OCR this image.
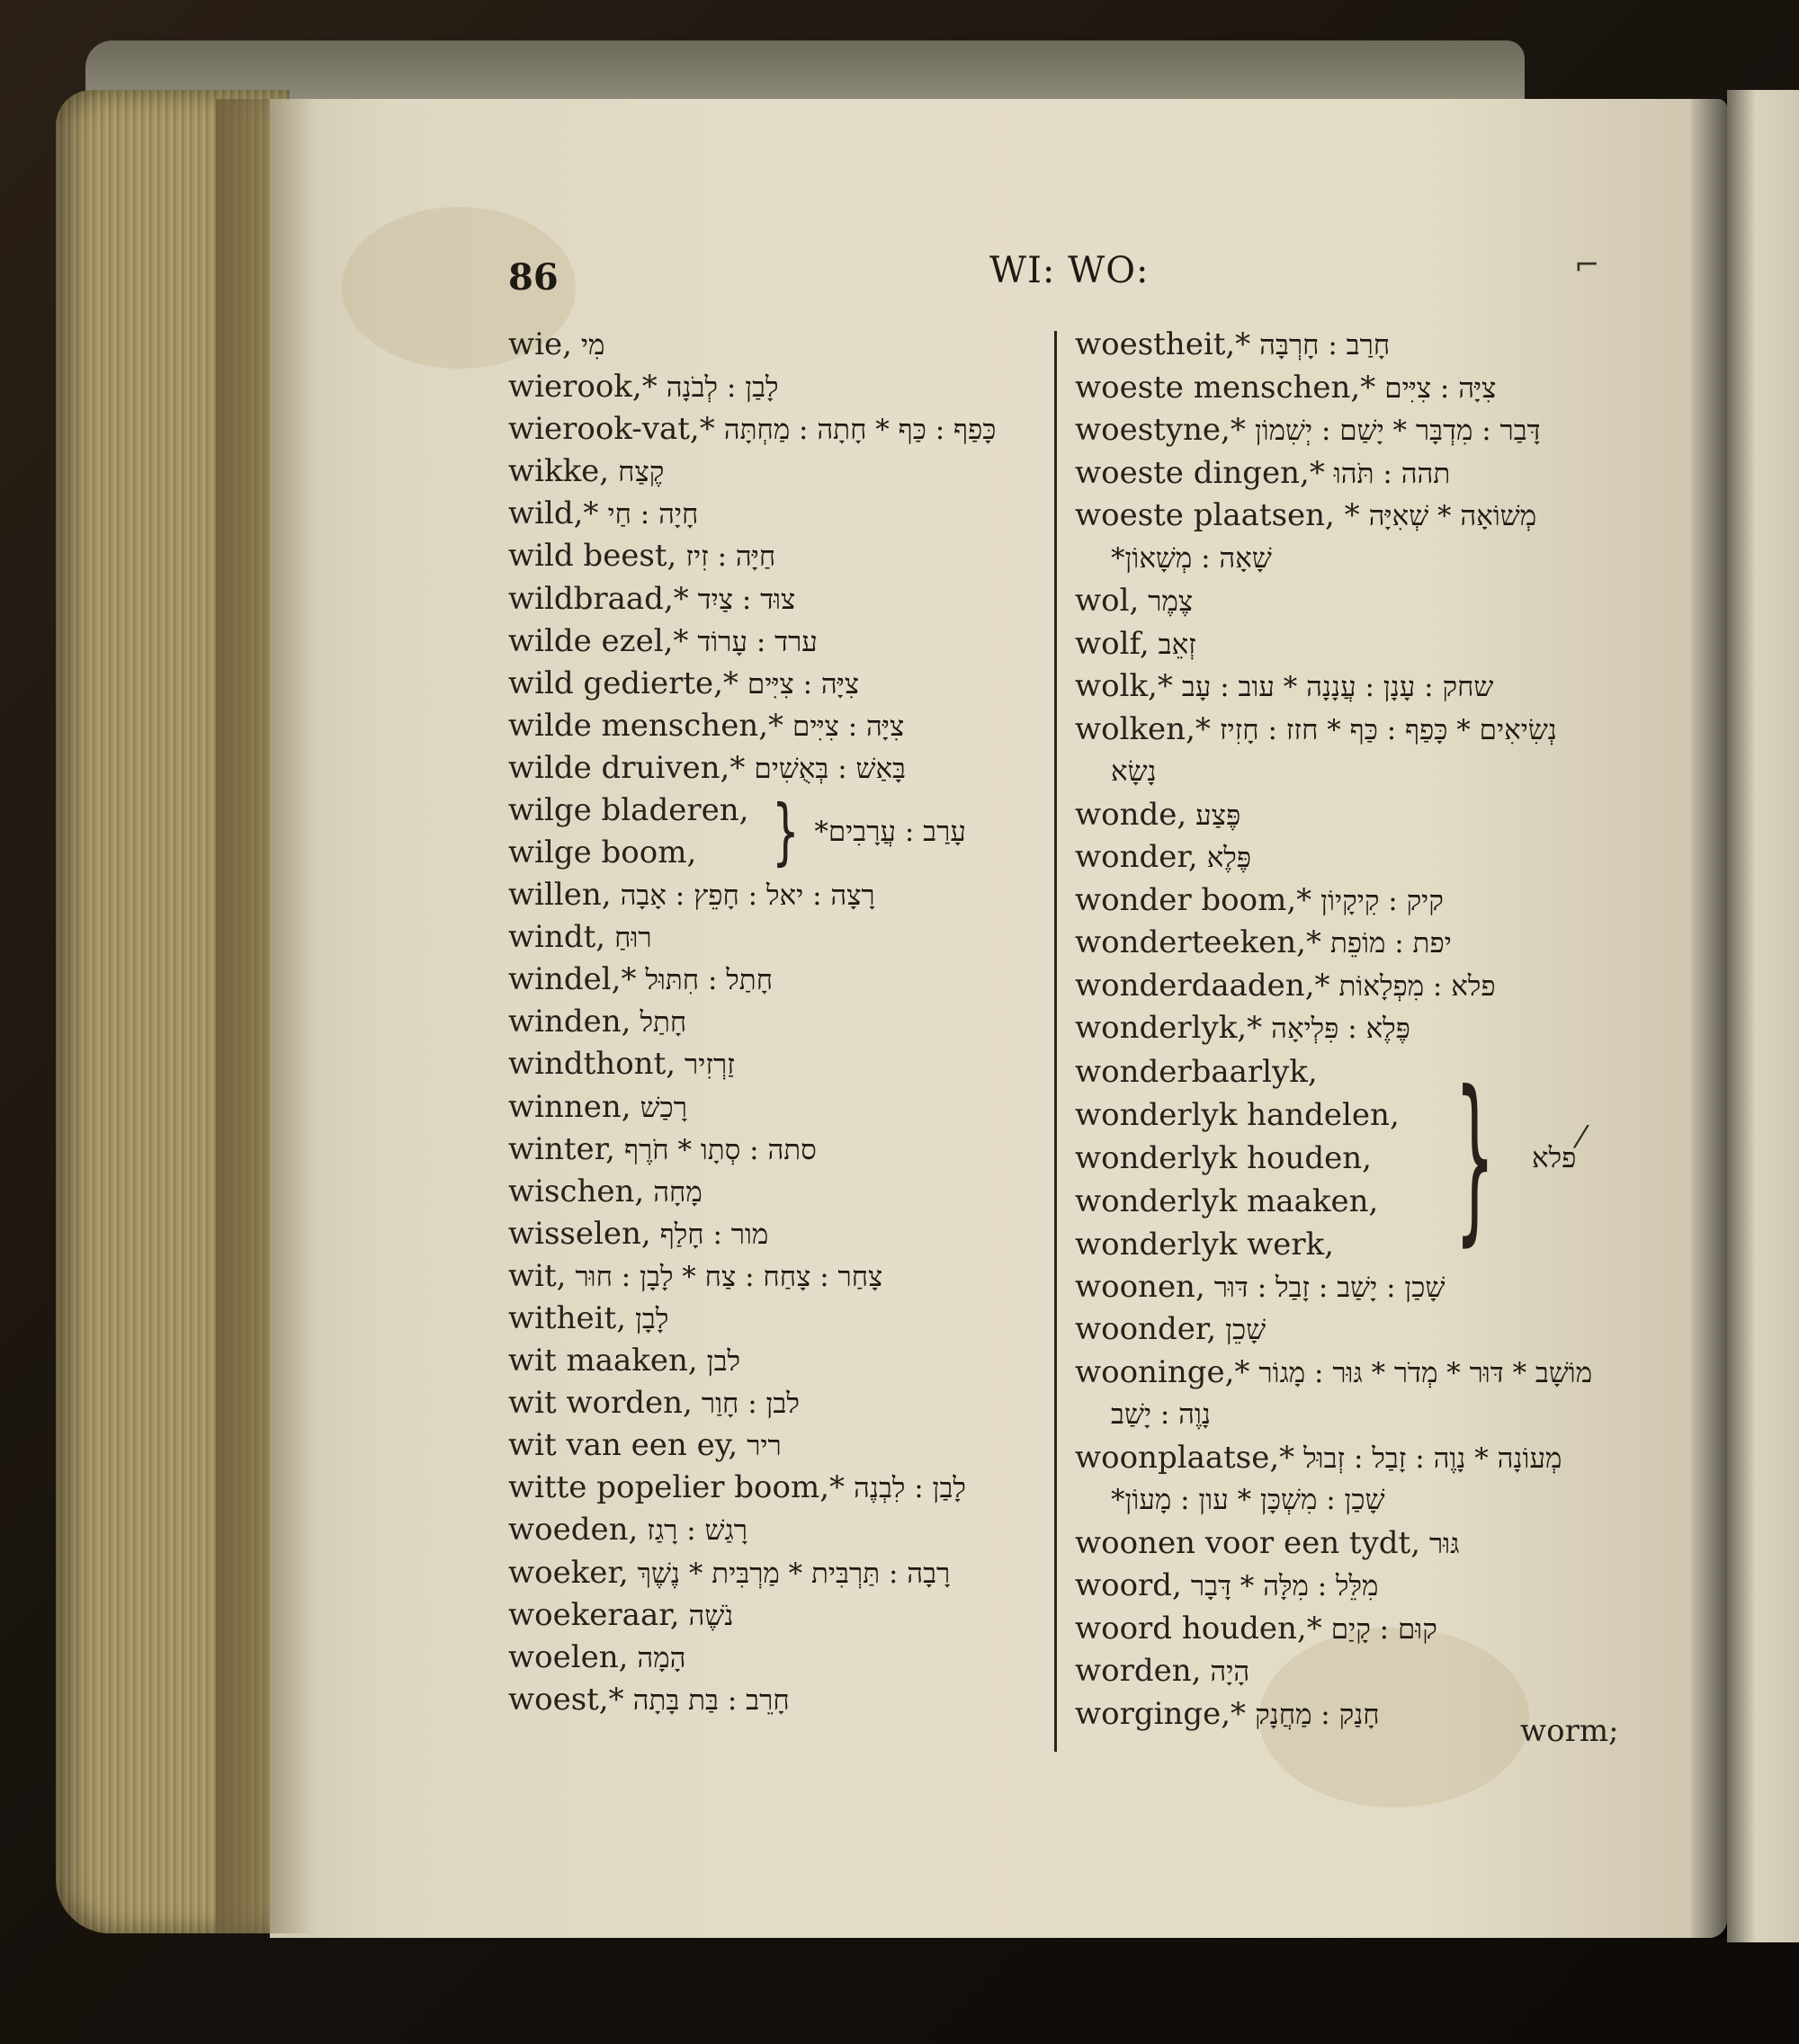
86	WI: WO:	⌐
wie, מִי
wierook,* לָבַן : לְבֹנָה
wierook-vat,* כָּפַף : כַּף * חָתָה : מַחְתָּה
wikke, קֶצַח
wild,* חָיָה : חַי
wild beest, חַיָּה : זִיז
wildbraad,* צוּד : צַיִד
wilde ezel,* ערד : עָרוֹד
wild gedierte,* צִיָּה : צִיִּים
wilde menschen,* צִיָּה : צִיִּים
wilde druiven,* בָּאַשׁ : בְּאֻשִׁים
wilge bladeren,
wilge boom,	} עָרַב : עֲרָבִים*
willen, רָצָה : יאל : חָפֵץ : אָבָה
windt, רוּחַ
windel,* חָתַל : חִתּוּל
winden, חָתַל
windthont, זַרְזִיר
winnen, רָכַשׁ
winter, סתה : סְתָו * חֹרֶף
wischen, מָחָה
wisselen, מור : חָלַף
wit, צָחַר : צָחַח : צַח * לָבָן : חוּר
witheit, לָבָן
wit maaken, לבן
wit worden, לבן : חָוַר
wit van een ey, ריר
witte popelier boom,* לָבַן : לִבְנֶה
woeden, רָגַשׁ : רָגַז
woeker, רָבָה : תַּרְבִּית * מַרְבִּית * נֶשֶׁךְ
woekeraar, נֹשֶׁה
woelen, הָמָה
woest,* חָרֵב : בַּת בָּתָה
woestheit,* חָרַב : חָרְבָּה
woeste menschen,* צִיָּה : צִיִּים
woestyne,* דָּבַר : מִדְבָּר * יָשַׁם : יְשִׁמוֹן
woeste dingen,* תהה : תֹּהוּ
woeste plaatsen, * מְשׁוֹאָה * שְׁאִיָּה
שָׁאָה : מְשָׁאוֹן*
wol, צֶמֶר
wolf, זְאֵב
wolk,* שחק : עָנָן : עֲנָנָה * עוב : עָב
wolken,* נְשִׂיאִים * כָּפַף : כַּף * חזז : חָזִיז
נָשָׂא
wonde, פֶּצַע
wonder, פֶּלֶא
wonder boom,* קיק : קִיקָיוֹן
wonderteeken,* יפת : מוֹפֵת
wonderdaaden,* פלא : מִפְלָאוֹת
wonderlyk,* פֶּלֶא : פִּלְיאָה
wonderbaarlyk,
wonderlyk handelen,
wonderlyk houden,
wonderlyk maaken,
wonderlyk werk, } פלא
woonen, שָׁכַן : יָשַׁב : זָבַל : דּוּר
woonder, שָׁכֵן
wooninge,* מוֹשָׁב * דּוּר * מְדֹר * גּוּר : מָגוֹר
נָוֶה : יָשַׁב
woonplaatse,* מְעוֹנָה * נָוֶה : זָבַל : זְבוּל
שָׁכַן : מִשְׁכָּן * עון : מָעוֹן*
woonen voor een tydt, גּוּר
woord, מִלֵּל : מִלָּה * דָּבָר
woord houden,* קוּם : קָיַם
worden, הָיָה
worginge,* חָנַק : מַחֲנָק
⁄
worm;
